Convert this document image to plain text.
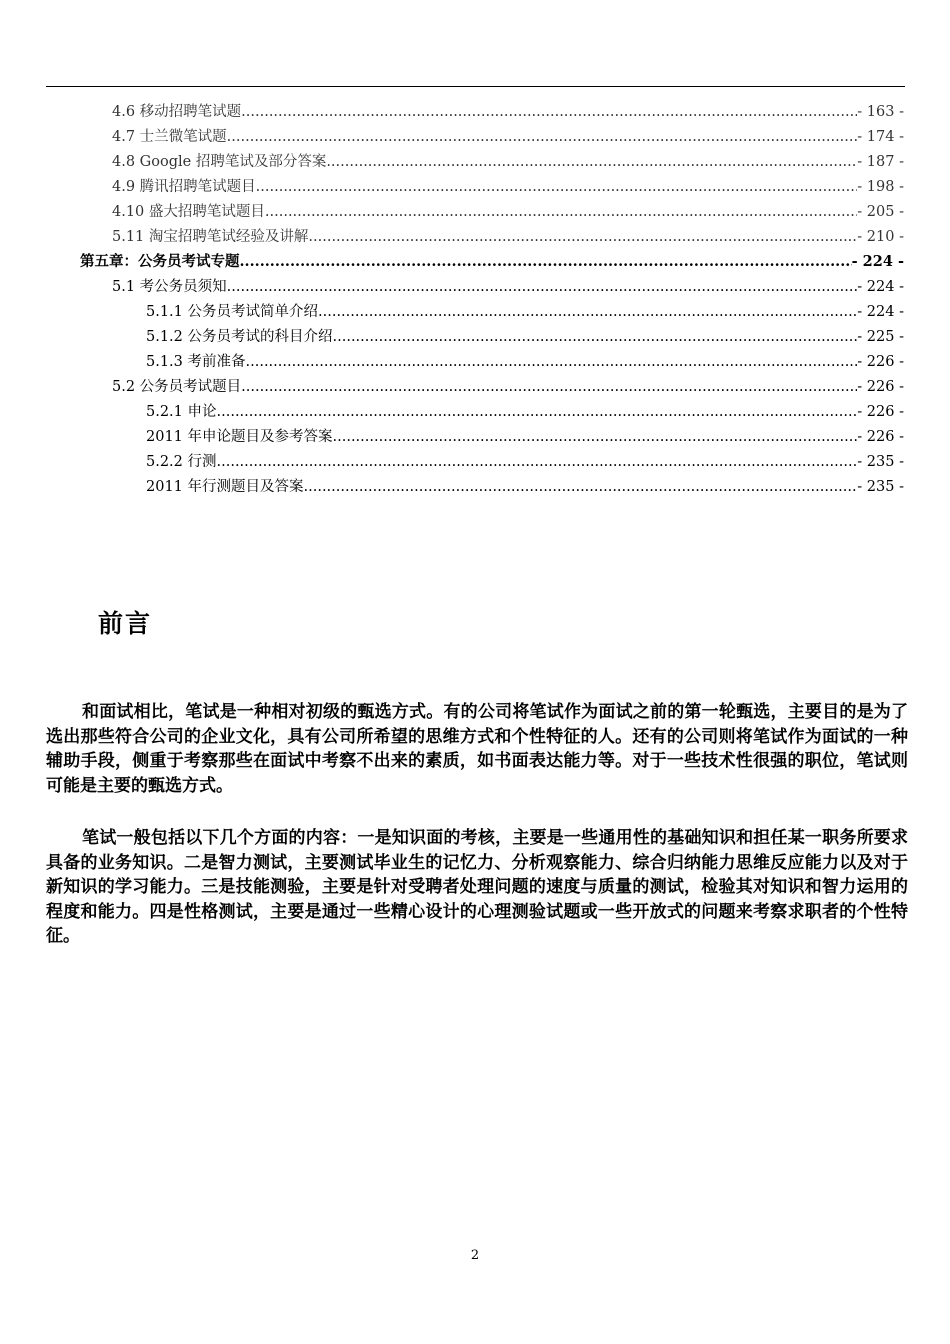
4.6 移动招聘笔试题 .....	- 163 -
4.7 士兰微笔试题 .....	- 174 -
4.8 Google 招聘笔试及部分答案 .....	- 187 -
4.9 腾讯招聘笔试题目 .....	- 198 -
4.10 盛大招聘笔试题目 .....	- 205 -
5.11 淘宝招聘笔试经验及讲解 .....	- 210 -
第五章：公务员考试专题 .....	- 224 -
5.1 考公务员须知 .....	- 224 -
5.1.1 公务员考试简单介绍 .....	- 224 -
5.1.2 公务员考试的科目介绍 .....	- 225 -
5.1.3 考前准备 .....	- 226 -
5.2 公务员考试题目 .....	- 226 -
5.2.1 申论 .....	- 226 -
2011 年申论题目及参考答案 .....	- 226 -
5.2.2 行测 .....	- 235 -
2011 年行测题目及答案 .....	- 235 -
前言

和面试相比，笔试是一种相对初级的甄选方式。有的公司将笔试作为面试之前的第一轮甄选，主要目的是为了选出那些符合公司的企业文化，具有公司所希望的思维方式和个性特征的人。还有的公司则将笔试作为面试的一种辅助手段，侧重于考察那些在面试中考察不出来的素质，如书面表达能力等。对于一些技术性很强的职位，笔试则可能是主要的甄选方式。

笔试一般包括以下几个方面的内容：一是知识面的考核，主要是一些通用性的基础知识和担任某一职务所要求具备的业务知识。二是智力测试，主要测试毕业生的记忆力、分析观察能力、综合归纳能力思维反应能力以及对于新知识的学习能力。三是技能测验，主要是针对受聘者处理问题的速度与质量的测试，检验其对知识和智力运用的程度和能力。四是性格测试，主要是通过一些精心设计的心理测验试题或一些开放式的问题来考察求职者的个性特征。

2
